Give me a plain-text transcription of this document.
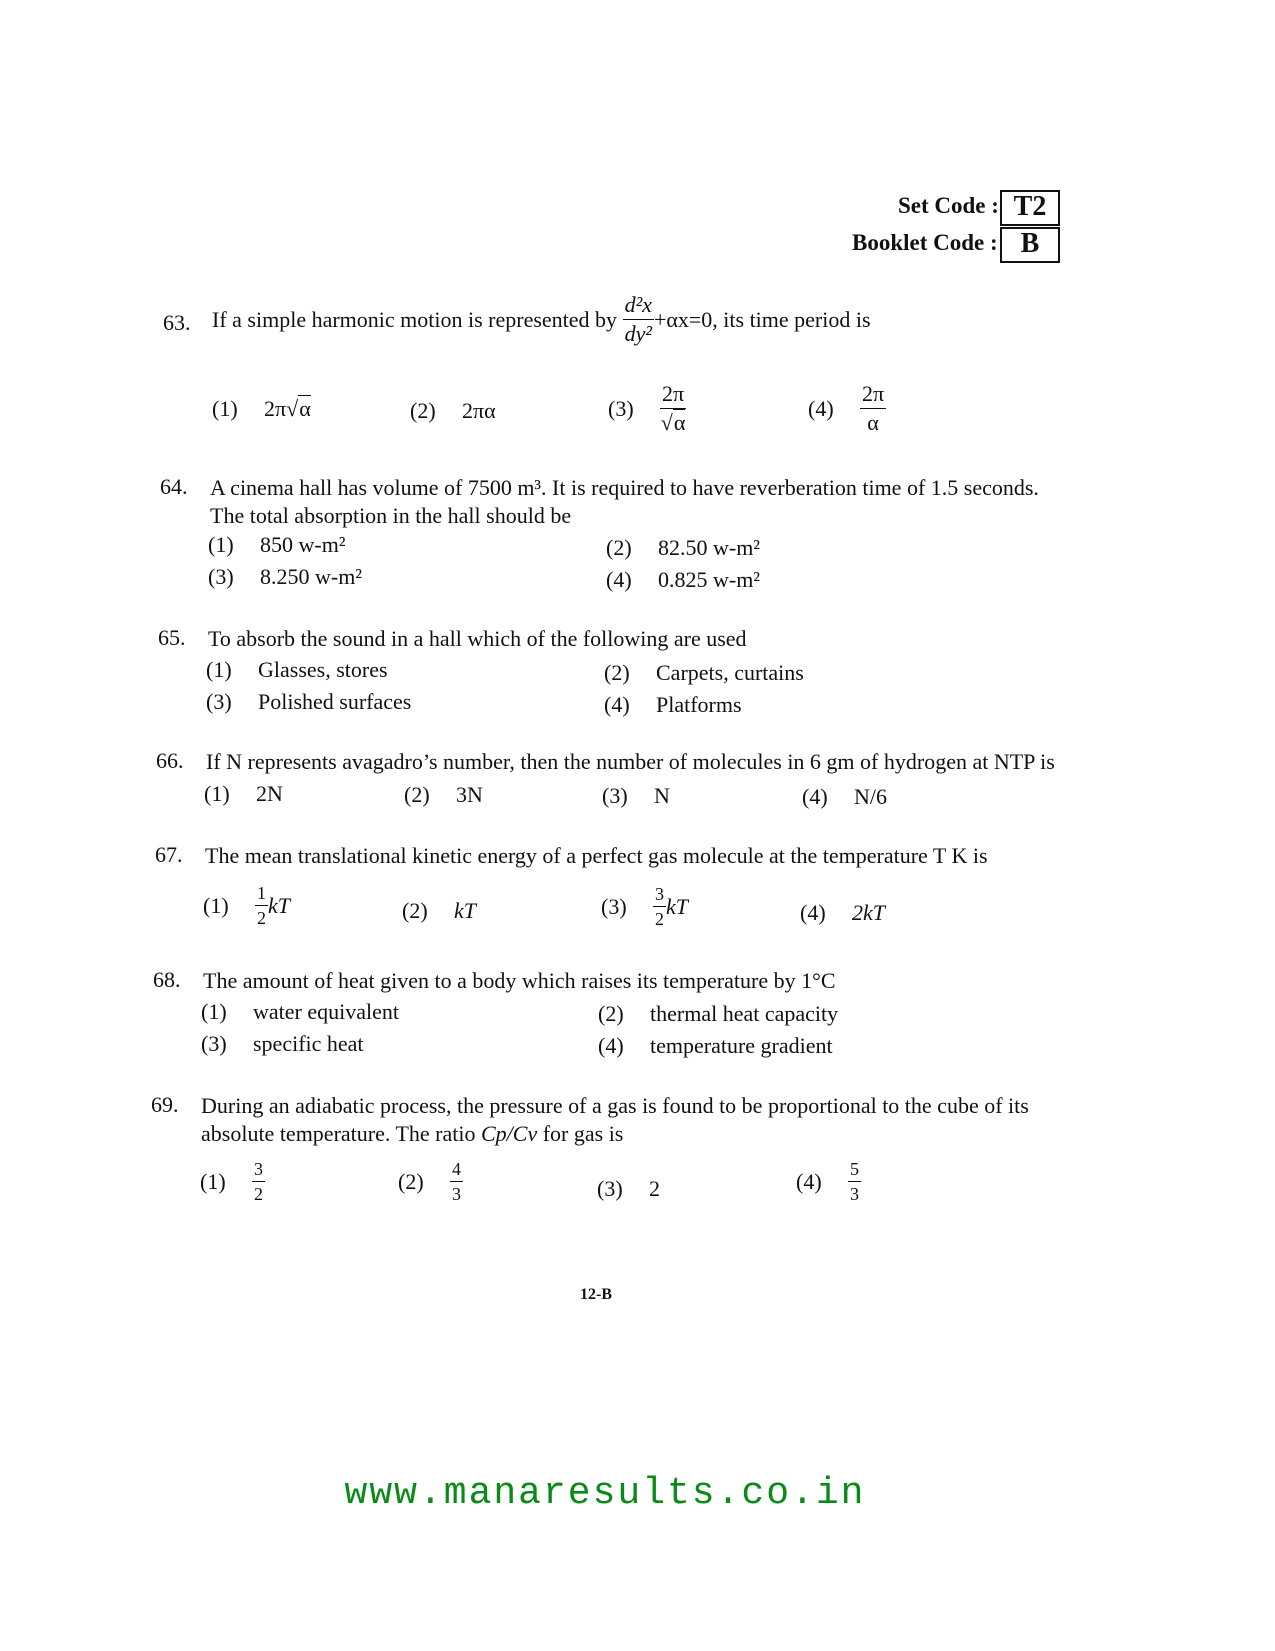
Set Code : T2
Booklet Code : B
63. If a simple harmonic motion is represented by
$\frac{\text{d²x}}{\text{dy²}} +\alpha x=0$ , its time period is
(1) 2π√α	(2) 2πα	(3)	$\frac{2\pi}{√\alpha}$	(4)	$\frac{2\pi}{\alpha}$
64. A cinema hall has volume of 7500 m³. It is required to have reverberation time of 1.5 seconds. The total absorption in the hall should be
(1) 850 w-m²	(2) 82.50 w-m²
(3) 8.250 w-m²	(4) 0.825 w-m²
65. To absorb the sound in a hall which of the following are used
(1) Glasses, stores	(2) Carpets, curtains
(3) Polished surfaces	(4) Platforms
66. If N represents avagadro’s number, then the number of molecules in 6 gm of hydrogen at NTP is
(1) 2N	(2) 3N	(3) N	(4) N/6
67. The mean translational kinetic energy of a perfect gas molecule at the temperature T K is
(1)	$\frac{1}{2}$ kT	(2) kT	(3)	$\frac{3}{2}$ kT	(4) 2kT
68. The amount of heat given to a body which raises its temperature by 1°C
(1) water equivalent	(2) thermal heat capacity
(3) specific heat	(4) temperature gradient
69. During an adiabatic process, the pressure of a gas is found to be proportional to the cube of its absolute temperature. The ratio Cp/Cv for gas is
(1)	$\frac{3}{2}$	(2)	$\frac{4}{3}$	(3) 2	(4)	$\frac{5}{3}$
12-B
www.manaresults.co.in
